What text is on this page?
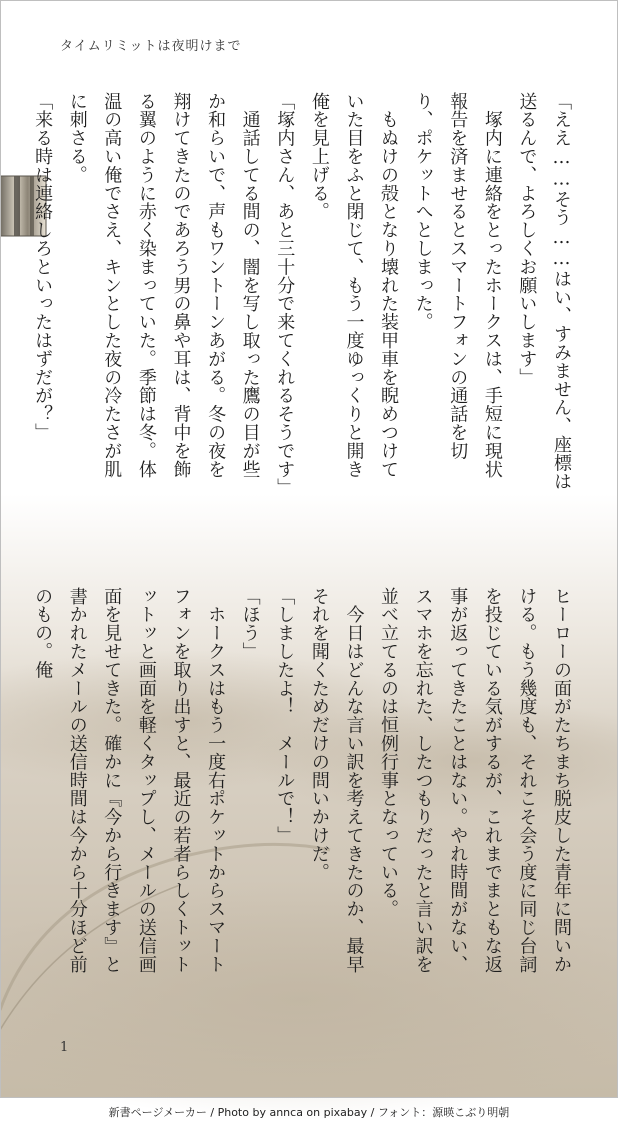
タイムリミットは夜明けまで

「ええ……そう……はい、すみません、座標は送るんで、よろしくお願いします」

　塚内に連絡をとったホークスは、手短に現状報告を済ませるとスマートフォンの通話を切り、ポケットへとしまった。

　もぬけの殻となり壊れた装甲車を睨めつけていた目をふと閉じて、もう一度ゆっくりと開き俺を見上げる。

「塚内さん、あと三十分で来てくれるそうです」

　通話してる間の、闇を写し取った鷹の目が些か和らいで、声もワントーンあがる。冬の夜を翔けてきたのであろう男の鼻や耳は、背中を飾る翼のように赤く染まっていた。季節は冬。体温の高い俺でさえ、キンとした夜の冷たさが肌に刺さる。

「来る時は連絡しろといったはずだが？」

ヒーローの面がたちまち脱皮した青年に問いかける。もう幾度も、それこそ会う度に同じ台詞を投じている気がするが、これまでまともな返事が返ってきたことはない。やれ時間がない、スマホを忘れた、したつもりだったと言い訳を並べ立てるのは恒例行事となっている。

　今日はどんな言い訳を考えてきたのか、最早それを聞くためだけの問いかけだ。

「しましたよ！　メールで！」

「ほう」

　ホークスはもう一度右ポケットからスマートフォンを取り出すと、最近の若者らしくトットットッと画面を軽くタップし、メールの送信画面を見せてきた。確かに『今から行きます』と書かれたメールの送信時間は今から十分ほど前のもの。俺

1
新書ページメーカー / Photo by annca on pixabay / フォント：源暎こぶり明朝
